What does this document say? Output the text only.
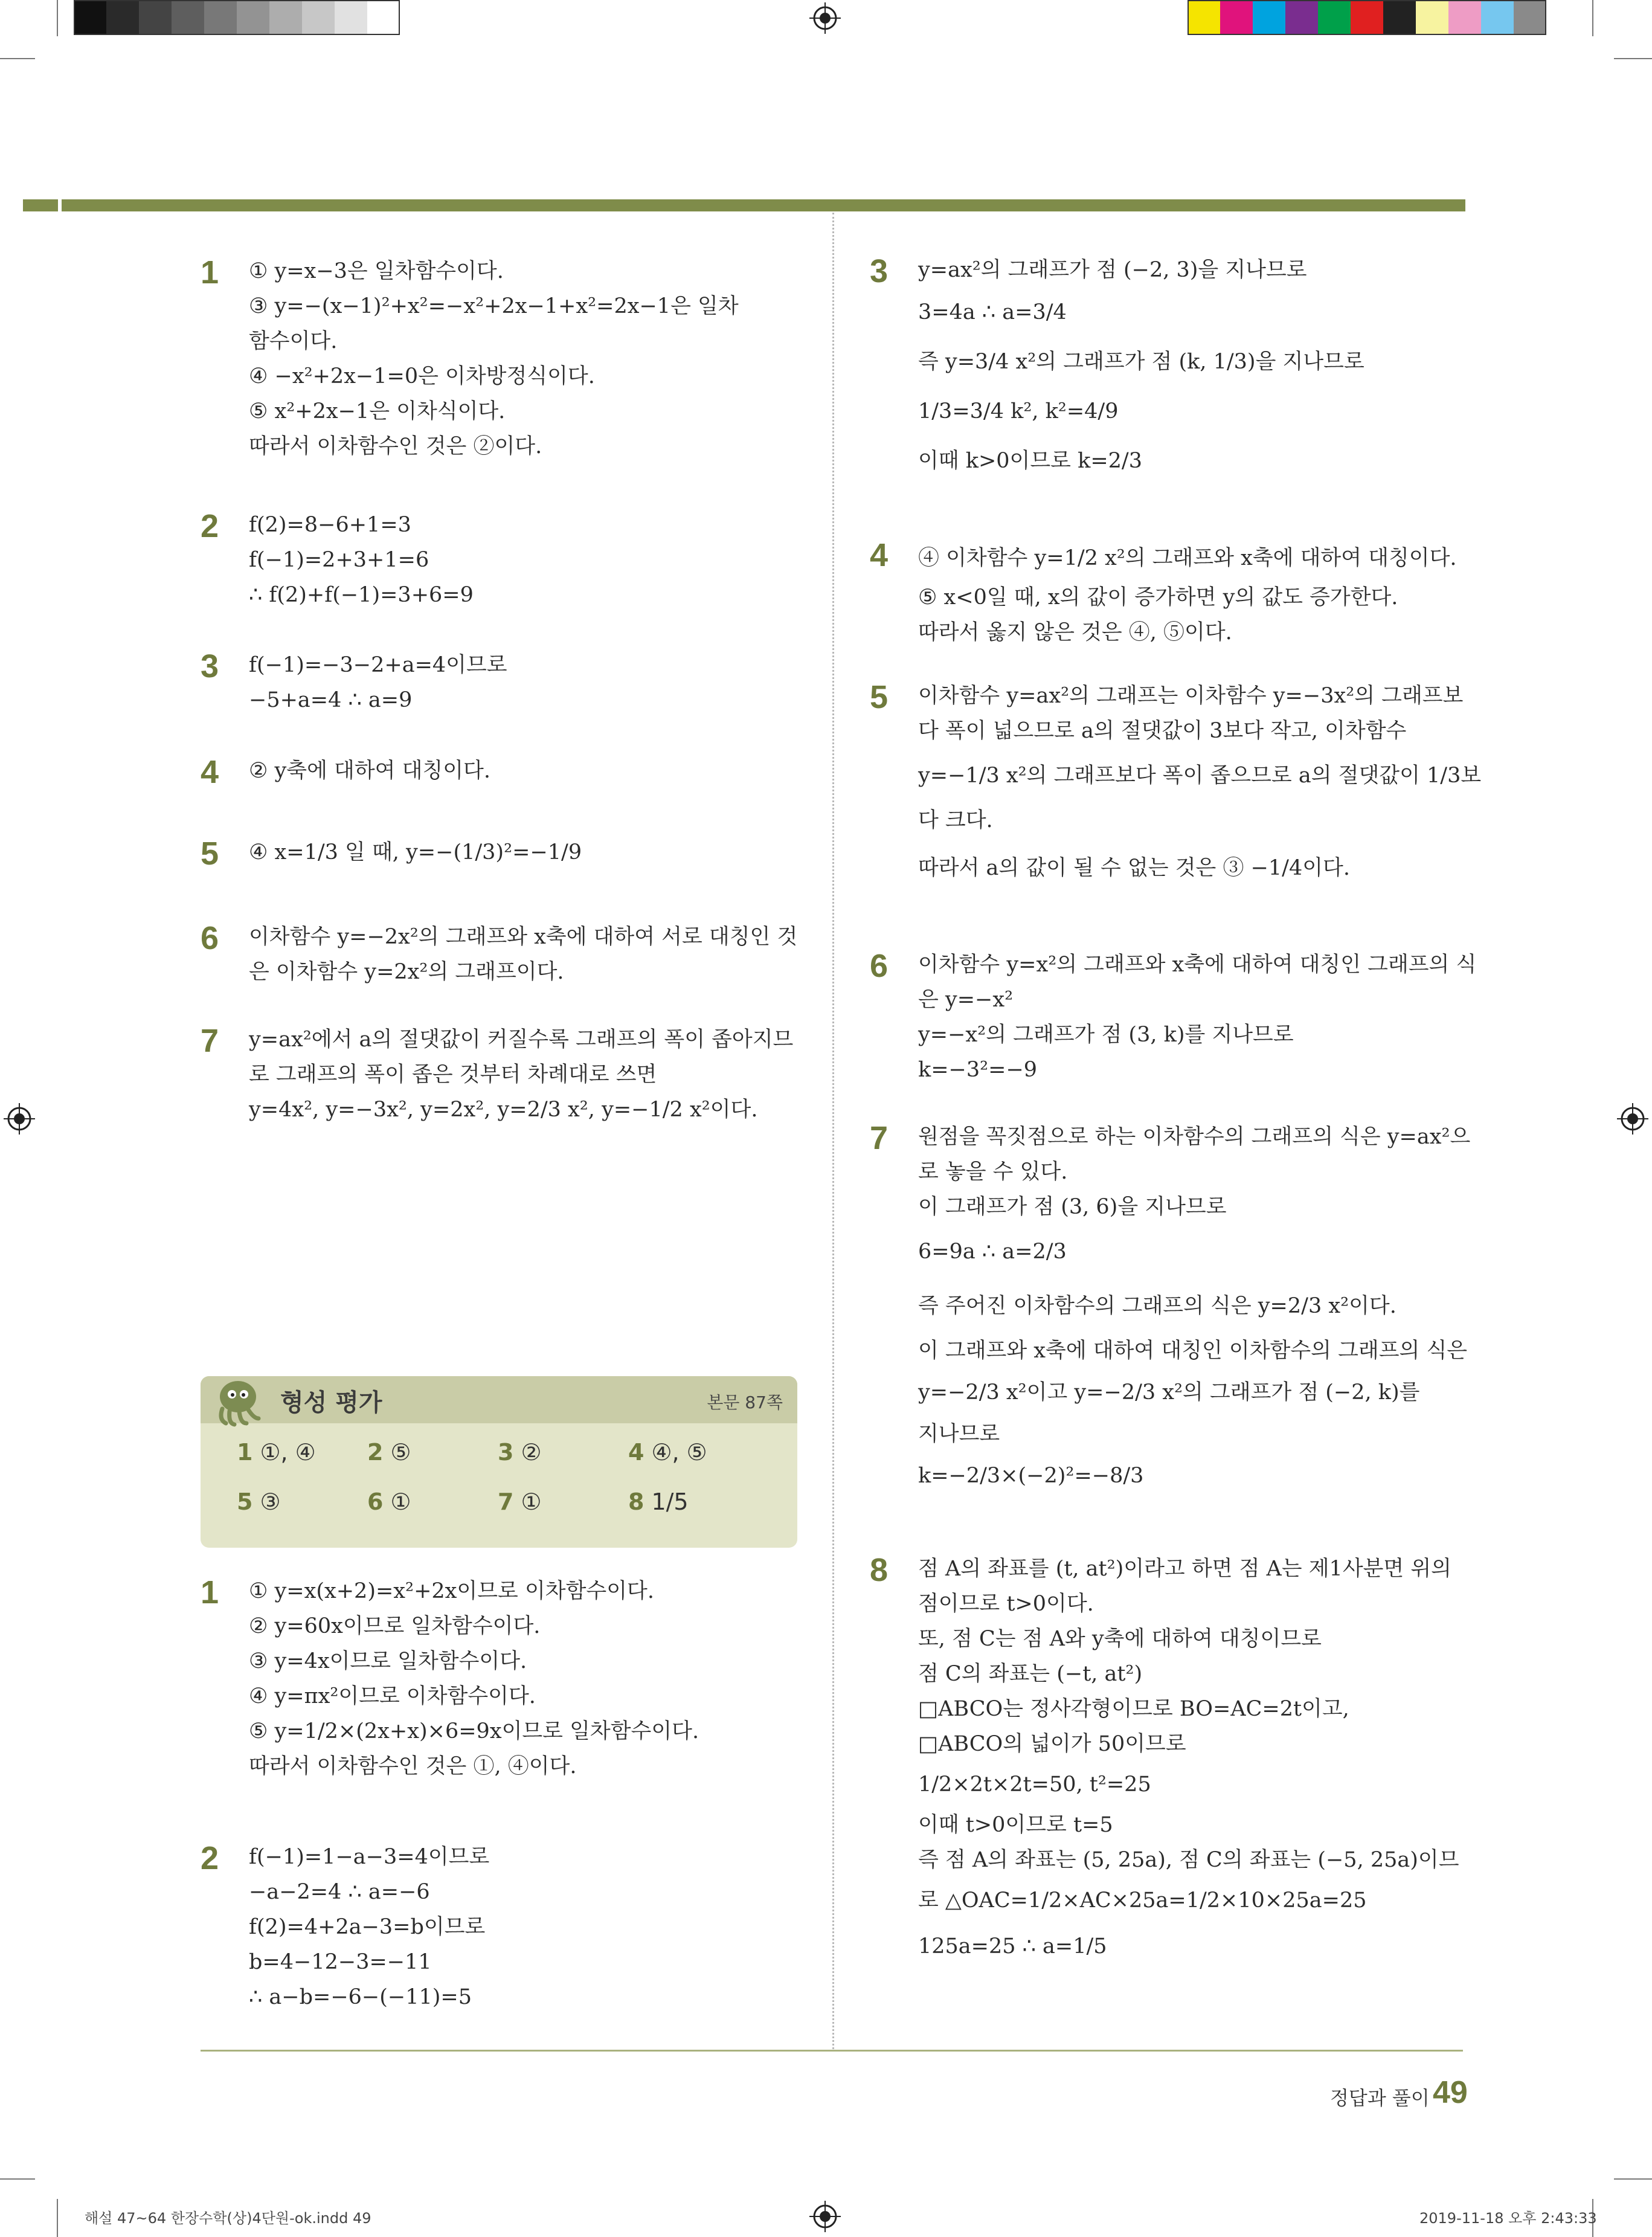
1 ① y=x−3은 일차함수이다.
③ y=−(x−1)²+x²=−x²+2x−1+x²=2x−1은 일차
함수이다.
④ −x²+2x−1=0은 이차방정식이다.
⑤ x²+2x−1은 이차식이다.
따라서 이차함수인 것은 ②이다.
2 f(2)=8−6+1=3
f(−1)=2+3+1=6
∴ f(2)+f(−1)=3+6=9
3 f(−1)=−3−2+a=4이므로
−5+a=4 ∴ a=9
4 ② y축에 대하여 대칭이다.
5 ④ x=1/3 일 때, y=−(1/3)²=−1/9
6 이차함수 y=−2x²의 그래프와 x축에 대하여 서로 대칭인 것
은 이차함수 y=2x²의 그래프이다.
7 y=ax²에서 a의 절댓값이 커질수록 그래프의 폭이 좁아지므
로 그래프의 폭이 좁은 것부터 차례대로 쓰면
y=4x², y=−3x², y=2x², y=2/3 x², y=−1/2 x²이다.
형성 평가	본문 87쪽
1 ①, ④ 2 ⑤	3 ②	4 ④, ⑤
5 ③	6 ①	7 ①	8 1/5
1 ① y=x(x+2)=x²+2x이므로 이차함수이다.
② y=60x이므로 일차함수이다.
③ y=4x이므로 일차함수이다.
④ y=πx²이므로 이차함수이다.
⑤ y=1/2×(2x+x)×6=9x이므로 일차함수이다.
따라서 이차함수인 것은 ①, ④이다.
2 f(−1)=1−a−3=4이므로
−a−2=4 ∴ a=−6
f(2)=4+2a−3=b이므로
b=4−12−3=−11
∴ a−b=−6−(−11)=5
3 y=ax²의 그래프가 점 (−2, 3)을 지나므로
3=4a ∴ a=3/4
즉 y=3/4 x²의 그래프가 점 (k, 1/3)을 지나므로
1/3=3/4 k², k²=4/9
이때 k>0이므로 k=2/3
4 ④ 이차함수 y=1/2 x²의 그래프와 x축에 대하여 대칭이다.
⑤ x<0일 때, x의 값이 증가하면 y의 값도 증가한다.
따라서 옳지 않은 것은 ④, ⑤이다.
5 이차함수 y=ax²의 그래프는 이차함수 y=−3x²의 그래프보
다 폭이 넓으므로 a의 절댓값이 3보다 작고, 이차함수
y=−1/3 x²의 그래프보다 폭이 좁으므로 a의 절댓값이 1/3보
다 크다.
따라서 a의 값이 될 수 없는 것은 ③ −1/4이다.
6 이차함수 y=x²의 그래프와 x축에 대하여 대칭인 그래프의 식
은 y=−x²
y=−x²의 그래프가 점 (3, k)를 지나므로
k=−3²=−9
7 원점을 꼭짓점으로 하는 이차함수의 그래프의 식은 y=ax²으
로 놓을 수 있다.
이 그래프가 점 (3, 6)을 지나므로
6=9a ∴ a=2/3
즉 주어진 이차함수의 그래프의 식은 y=2/3 x²이다.
이 그래프와 x축에 대하여 대칭인 이차함수의 그래프의 식은
y=−2/3 x²이고 y=−2/3 x²의 그래프가 점 (−2, k)를
지나므로
k=−2/3×(−2)²=−8/3
8 점 A의 좌표를 (t, at²)이라고 하면 점 A는 제1사분면 위의
점이므로 t>0이다.
또, 점 C는 점 A와 y축에 대하여 대칭이므로
점 C의 좌표는 (−t, at²)
□ABCO는 정사각형이므로 BO=AC=2t이고,
□ABCO의 넓이가 50이므로
1/2×2t×2t=50, t²=25
이때 t>0이므로 t=5
즉 점 A의 좌표는 (5, 25a), 점 C의 좌표는 (−5, 25a)이므
로 △OAC=1/2×AC×25a=1/2×10×25a=25
125a=25 ∴ a=1/5
정답과 풀이 49
해설 47~64 한장수학(상)4단원-ok.indd 49	2019-11-18 오후 2:43:33
